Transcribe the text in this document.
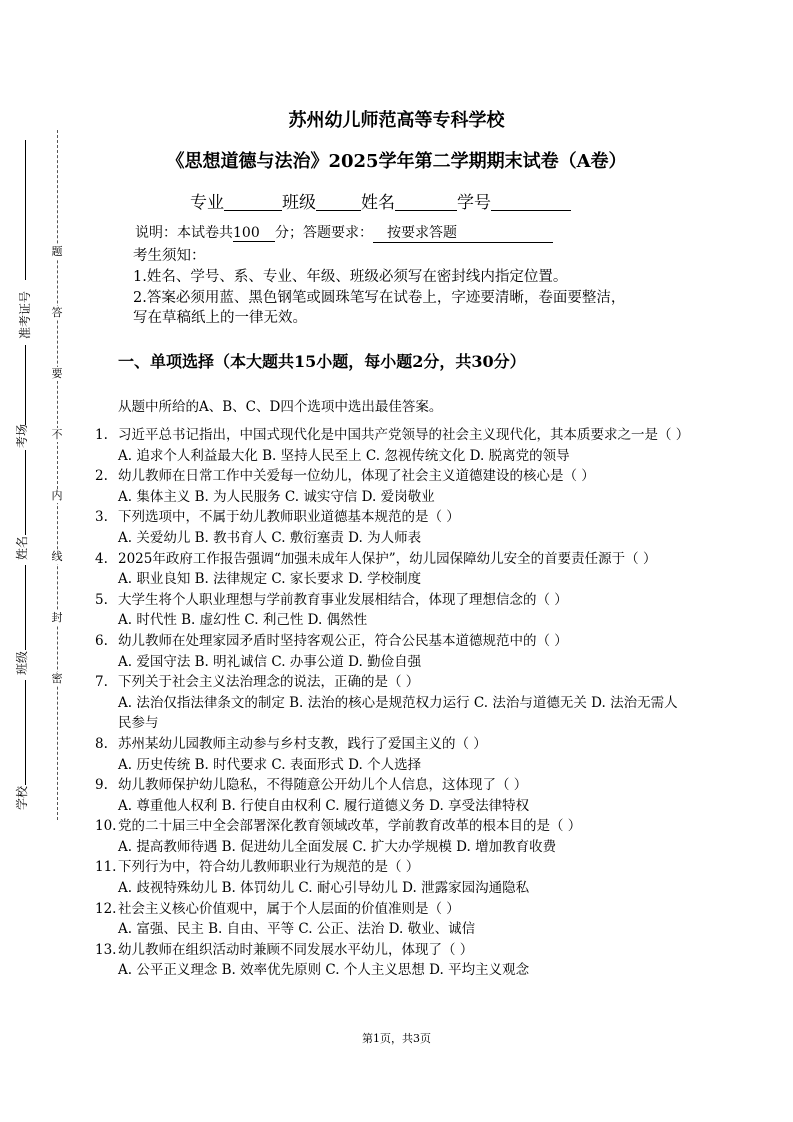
题
答
要
不
内
线
封
密
准考证号
考场
姓名
班级
学校
苏州幼儿师范高等专科学校
《思想道德与法治》2025学年第二学期期末试卷（A卷）
专业	班级	姓名	学号
说明：本试卷共100 分；答题要求： 按要求答题
考生须知：
1.姓名、学号、系、专业、年级、班级必须写在密封线内指定位置。
2.答案必须用蓝、黑色钢笔或圆珠笔写在试卷上，字迹要清晰，卷面要整洁，
写在草稿纸上的一律无效。
一、单项选择（本大题共15小题，每小题2分，共30分）
从题中所给的A、B、C、D四个选项中选出最佳答案。
1. 习近平总书记指出，中国式现代化是中国共产党领导的社会主义现代化，其本质要求之一是（ ）
A. 追求个人利益最大化 B. 坚持人民至上 C. 忽视传统文化 D. 脱离党的领导
2. 幼儿教师在日常工作中关爱每一位幼儿，体现了社会主义道德建设的核心是（ ）
A. 集体主义 B. 为人民服务 C. 诚实守信 D. 爱岗敬业
3. 下列选项中，不属于幼儿教师职业道德基本规范的是（ ）
A. 关爱幼儿 B. 教书育人 C. 敷衍塞责 D. 为人师表
4. 2025年政府工作报告强调“加强未成年人保护”，幼儿园保障幼儿安全的首要责任源于（ ）
A. 职业良知 B. 法律规定 C. 家长要求 D. 学校制度
5. 大学生将个人职业理想与学前教育事业发展相结合，体现了理想信念的（ ）
A. 时代性 B. 虚幻性 C. 利己性 D. 偶然性
6. 幼儿教师在处理家园矛盾时坚持客观公正，符合公民基本道德规范中的（ ）
A. 爱国守法 B. 明礼诚信 C. 办事公道 D. 勤俭自强
7. 下列关于社会主义法治理念的说法，正确的是（ ）
A. 法治仅指法律条文的制定 B. 法治的核心是规范权力运行 C. 法治与道德无关 D. 法治无需人民参与
8. 苏州某幼儿园教师主动参与乡村支教，践行了爱国主义的（ ）
A. 历史传统 B. 时代要求 C. 表面形式 D. 个人选择
9. 幼儿教师保护幼儿隐私，不得随意公开幼儿个人信息，这体现了（ ）
A. 尊重他人权利 B. 行使自由权利 C. 履行道德义务 D. 享受法律特权
10. 党的二十届三中全会部署深化教育领域改革，学前教育改革的根本目的是（ ）
A. 提高教师待遇 B. 促进幼儿全面发展 C. 扩大办学规模 D. 增加教育收费
11. 下列行为中，符合幼儿教师职业行为规范的是（ ）
A. 歧视特殊幼儿 B. 体罚幼儿 C. 耐心引导幼儿 D. 泄露家园沟通隐私
12. 社会主义核心价值观中，属于个人层面的价值准则是（ ）
A. 富强、民主 B. 自由、平等 C. 公正、法治 D. 敬业、诚信
13. 幼儿教师在组织活动时兼顾不同发展水平幼儿，体现了（ ）
A. 公平正义理念 B. 效率优先原则 C. 个人主义思想 D. 平均主义观念
第1页，共3页
